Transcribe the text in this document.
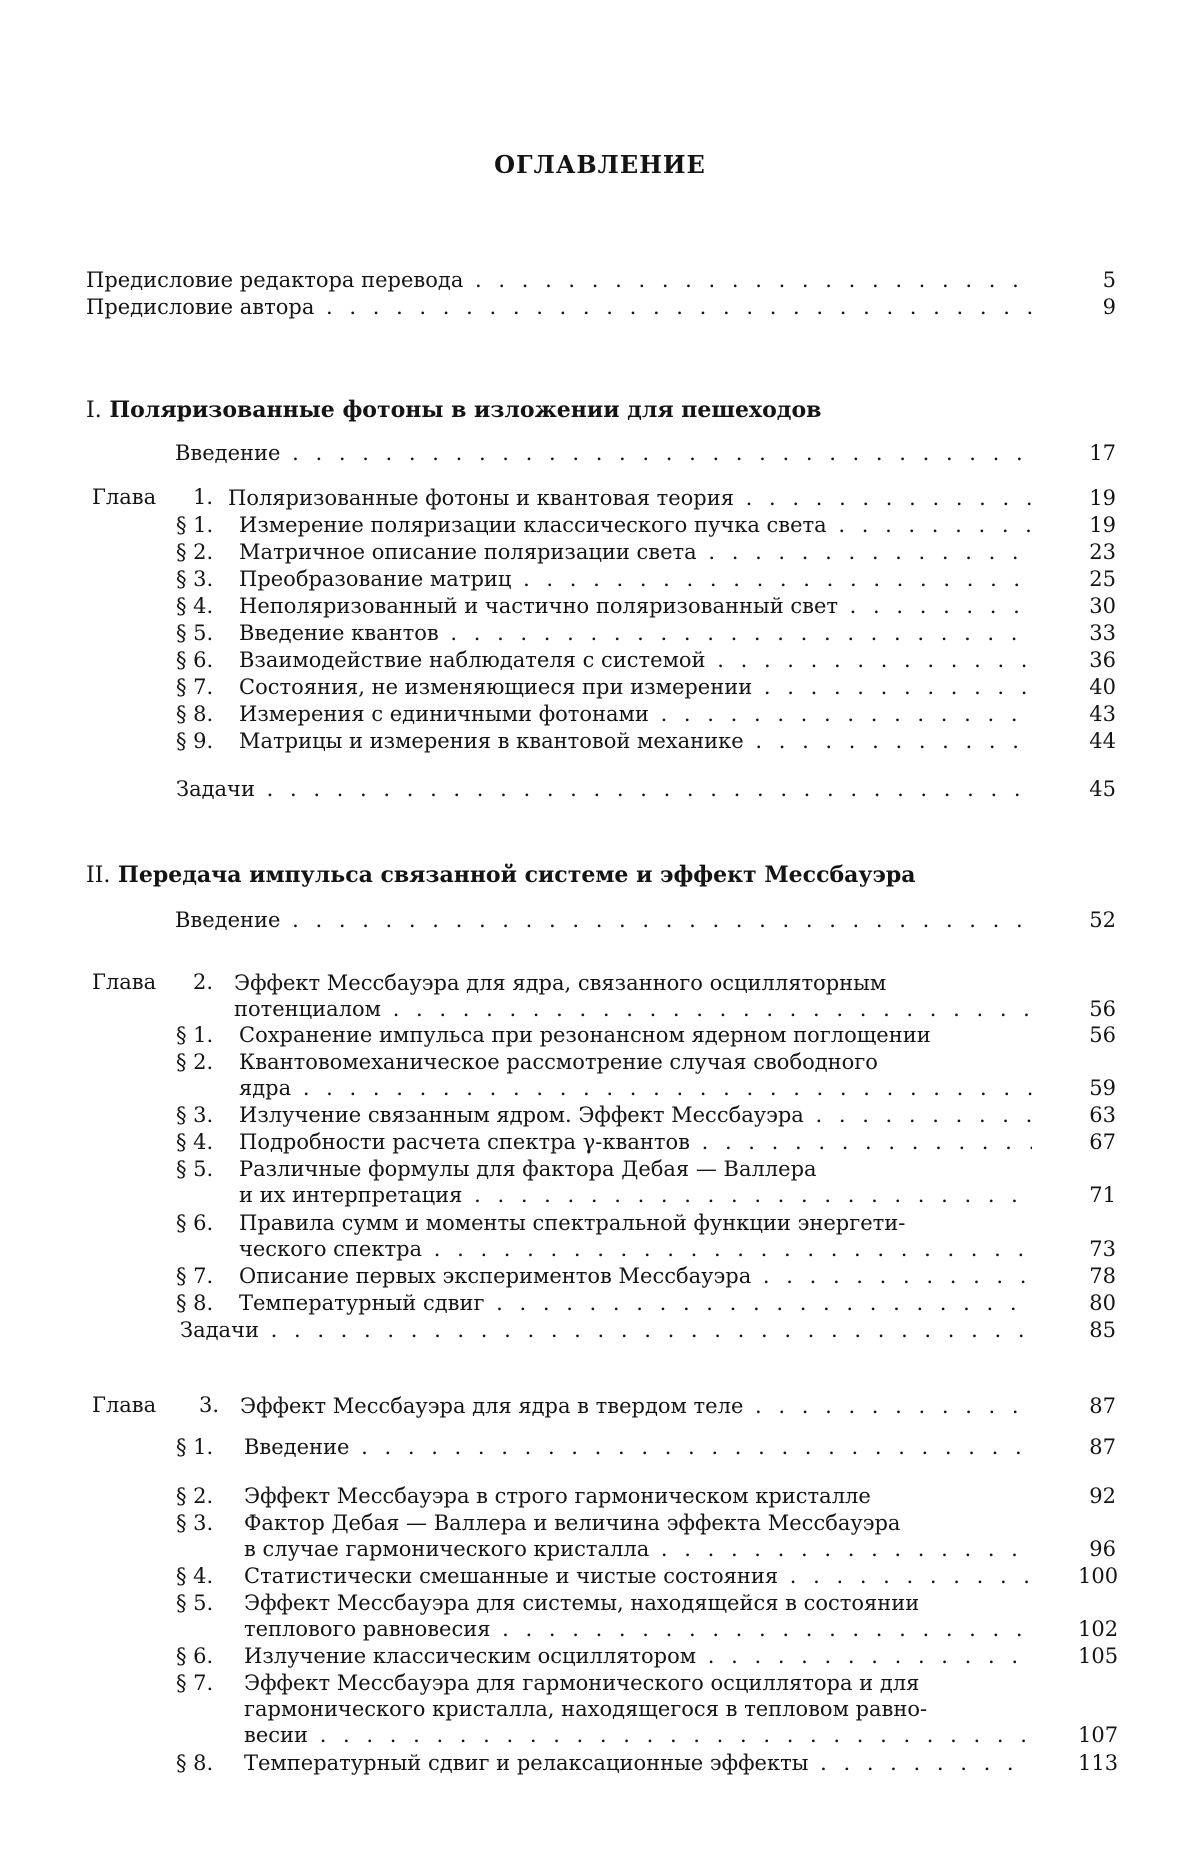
ОГЛАВЛЕНИЕ
Предисловие редактора перевода . . .	5
Предисловие автора . . .	9
I. Поляризованные фотоны в изложении для пешеходов
Введение . . .	17
Глава 1. Поляризованные фотоны и квантовая теория . . .	19
§ 1. Измерение поляризации классического пучка света . . .	19
§ 2. Матричное описание поляризации света . . .	23
§ 3. Преобразование матриц . . .	25
§ 4. Неполяризованный и частично поляризованный свет . . .	30
§ 5. Введение квантов . . .	33
§ 6. Взаимодействие наблюдателя с системой . . .	36
§ 7. Состояния, не изменяющиеся при измерении . . .	40
§ 8. Измерения с единичными фотонами . . .	43
§ 9. Матрицы и измерения в квантовой механике . . .	44
Задачи . . .	45
II. Передача импульса связанной системе и эффект Мессбауэра
Введение . . .	52
Глава 2. Эффект Мессбауэра для ядра, связанного осцилляторным
потенциалом . . .	56
§ 1. Сохранение импульса при резонансном ядерном поглощении	56
§ 2. Квантовомеханическое рассмотрение случая свободного
ядра . . .	59
§ 3. Излучение связанным ядром. Эффект Мессбауэра . . .	63
§ 4. Подробности расчета спектра γ-квантов . . .	67
§ 5. Различные формулы для фактора Дебая — Валлера
и их интерпретация . . .	71
§ 6. Правила сумм и моменты спектральной функции энергети-
ческого спектра . . .	73
§ 7. Описание первых экспериментов Мессбауэра . . .	78
§ 8. Температурный сдвиг . . .	80
Задачи . . .	85
Глава 3. Эффект Мессбауэра для ядра в твердом теле . . .	87
§ 1. Введение . . .	87
§ 2. Эффект Мессбауэра в строго гармоническом кристалле	92
§ 3. Фактор Дебая — Валлера и величина эффекта Мессбауэра
в случае гармонического кристалла . . .	96
§ 4. Статистически смешанные и чистые состояния . . .	100
§ 5. Эффект Мессбауэра для системы, находящейся в состоянии
теплового равновесия . . .	102
§ 6. Излучение классическим осциллятором . . .	105
§ 7. Эффект Мессбауэра для гармонического осциллятора и для
гармонического кристалла, находящегося в тепловом равно-
весии . . .	107
§ 8. Температурный сдвиг и релаксационные эффекты . . .	113
